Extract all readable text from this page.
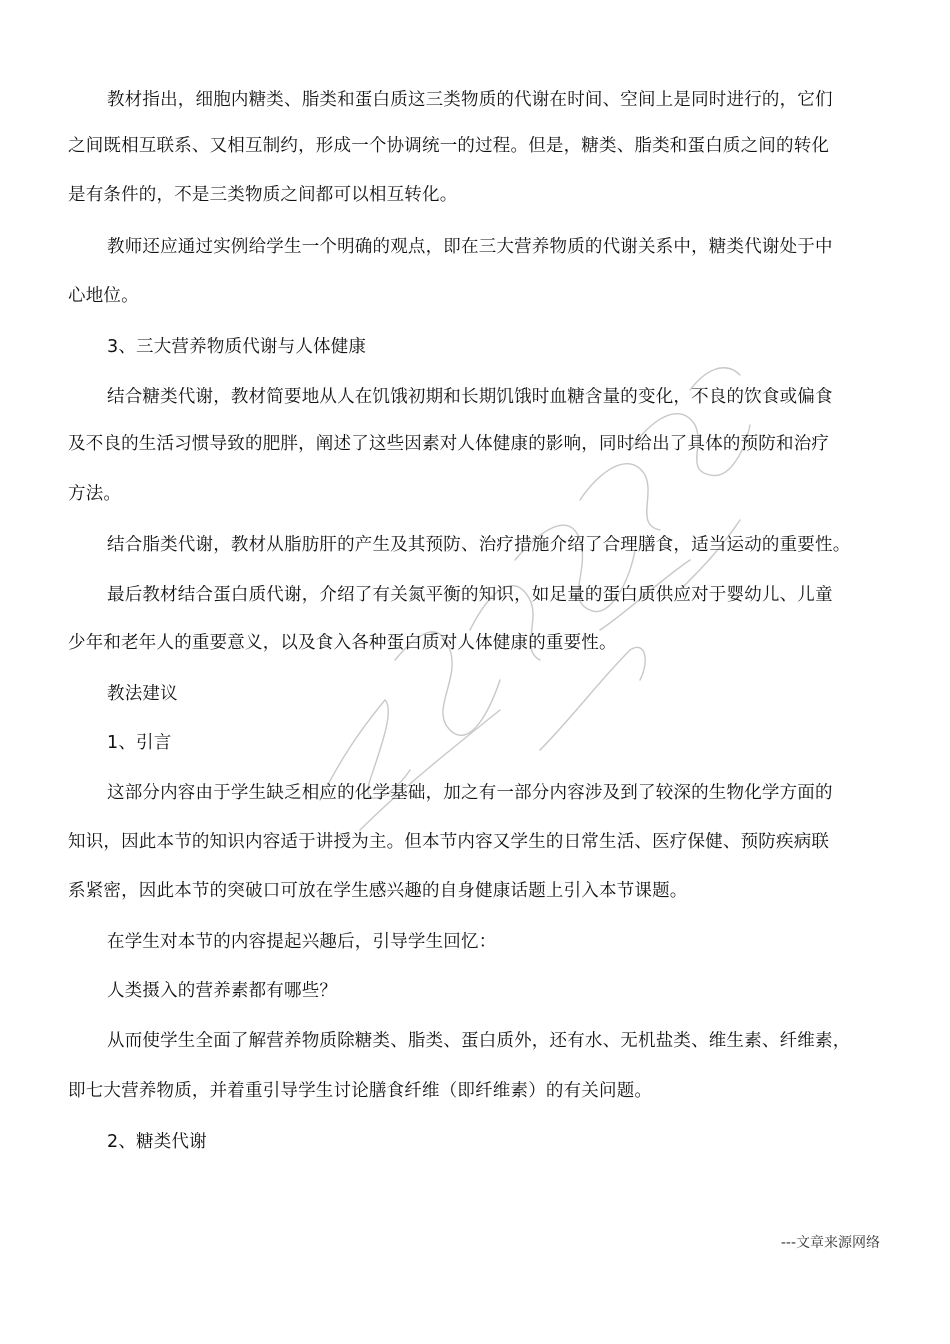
教材指出，细胞内糖类、脂类和蛋白质这三类物质的代谢在时间、空间上是同时进行的，它们
之间既相互联系、又相互制约，形成一个协调统一的过程。但是，糖类、脂类和蛋白质之间的转化
是有条件的，不是三类物质之间都可以相互转化。
教师还应通过实例给学生一个明确的观点，即在三大营养物质的代谢关系中，糖类代谢处于中
心地位。
3、三大营养物质代谢与人体健康
结合糖类代谢，教材简要地从人在饥饿初期和长期饥饿时血糖含量的变化，不良的饮食或偏食
及不良的生活习惯导致的肥胖，阐述了这些因素对人体健康的影响，同时给出了具体的预防和治疗
方法。
结合脂类代谢，教材从脂肪肝的产生及其预防、治疗措施介绍了合理膳食，适当运动的重要性。
最后教材结合蛋白质代谢，介绍了有关氮平衡的知识，如足量的蛋白质供应对于婴幼儿、儿童
少年和老年人的重要意义，以及食入各种蛋白质对人体健康的重要性。
教法建议
1、引言
这部分内容由于学生缺乏相应的化学基础，加之有一部分内容涉及到了较深的生物化学方面的
知识，因此本节的知识内容适于讲授为主。但本节内容又学生的日常生活、医疗保健、预防疾病联
系紧密，因此本节的突破口可放在学生感兴趣的自身健康话题上引入本节课题。
在学生对本节的内容提起兴趣后，引导学生回忆：
人类摄入的营养素都有哪些？
从而使学生全面了解营养物质除糖类、脂类、蛋白质外，还有水、无机盐类、维生素、纤维素，
即七大营养物质，并着重引导学生讨论膳食纤维（即纤维素）的有关问题。
2、糖类代谢
---文章来源网络
